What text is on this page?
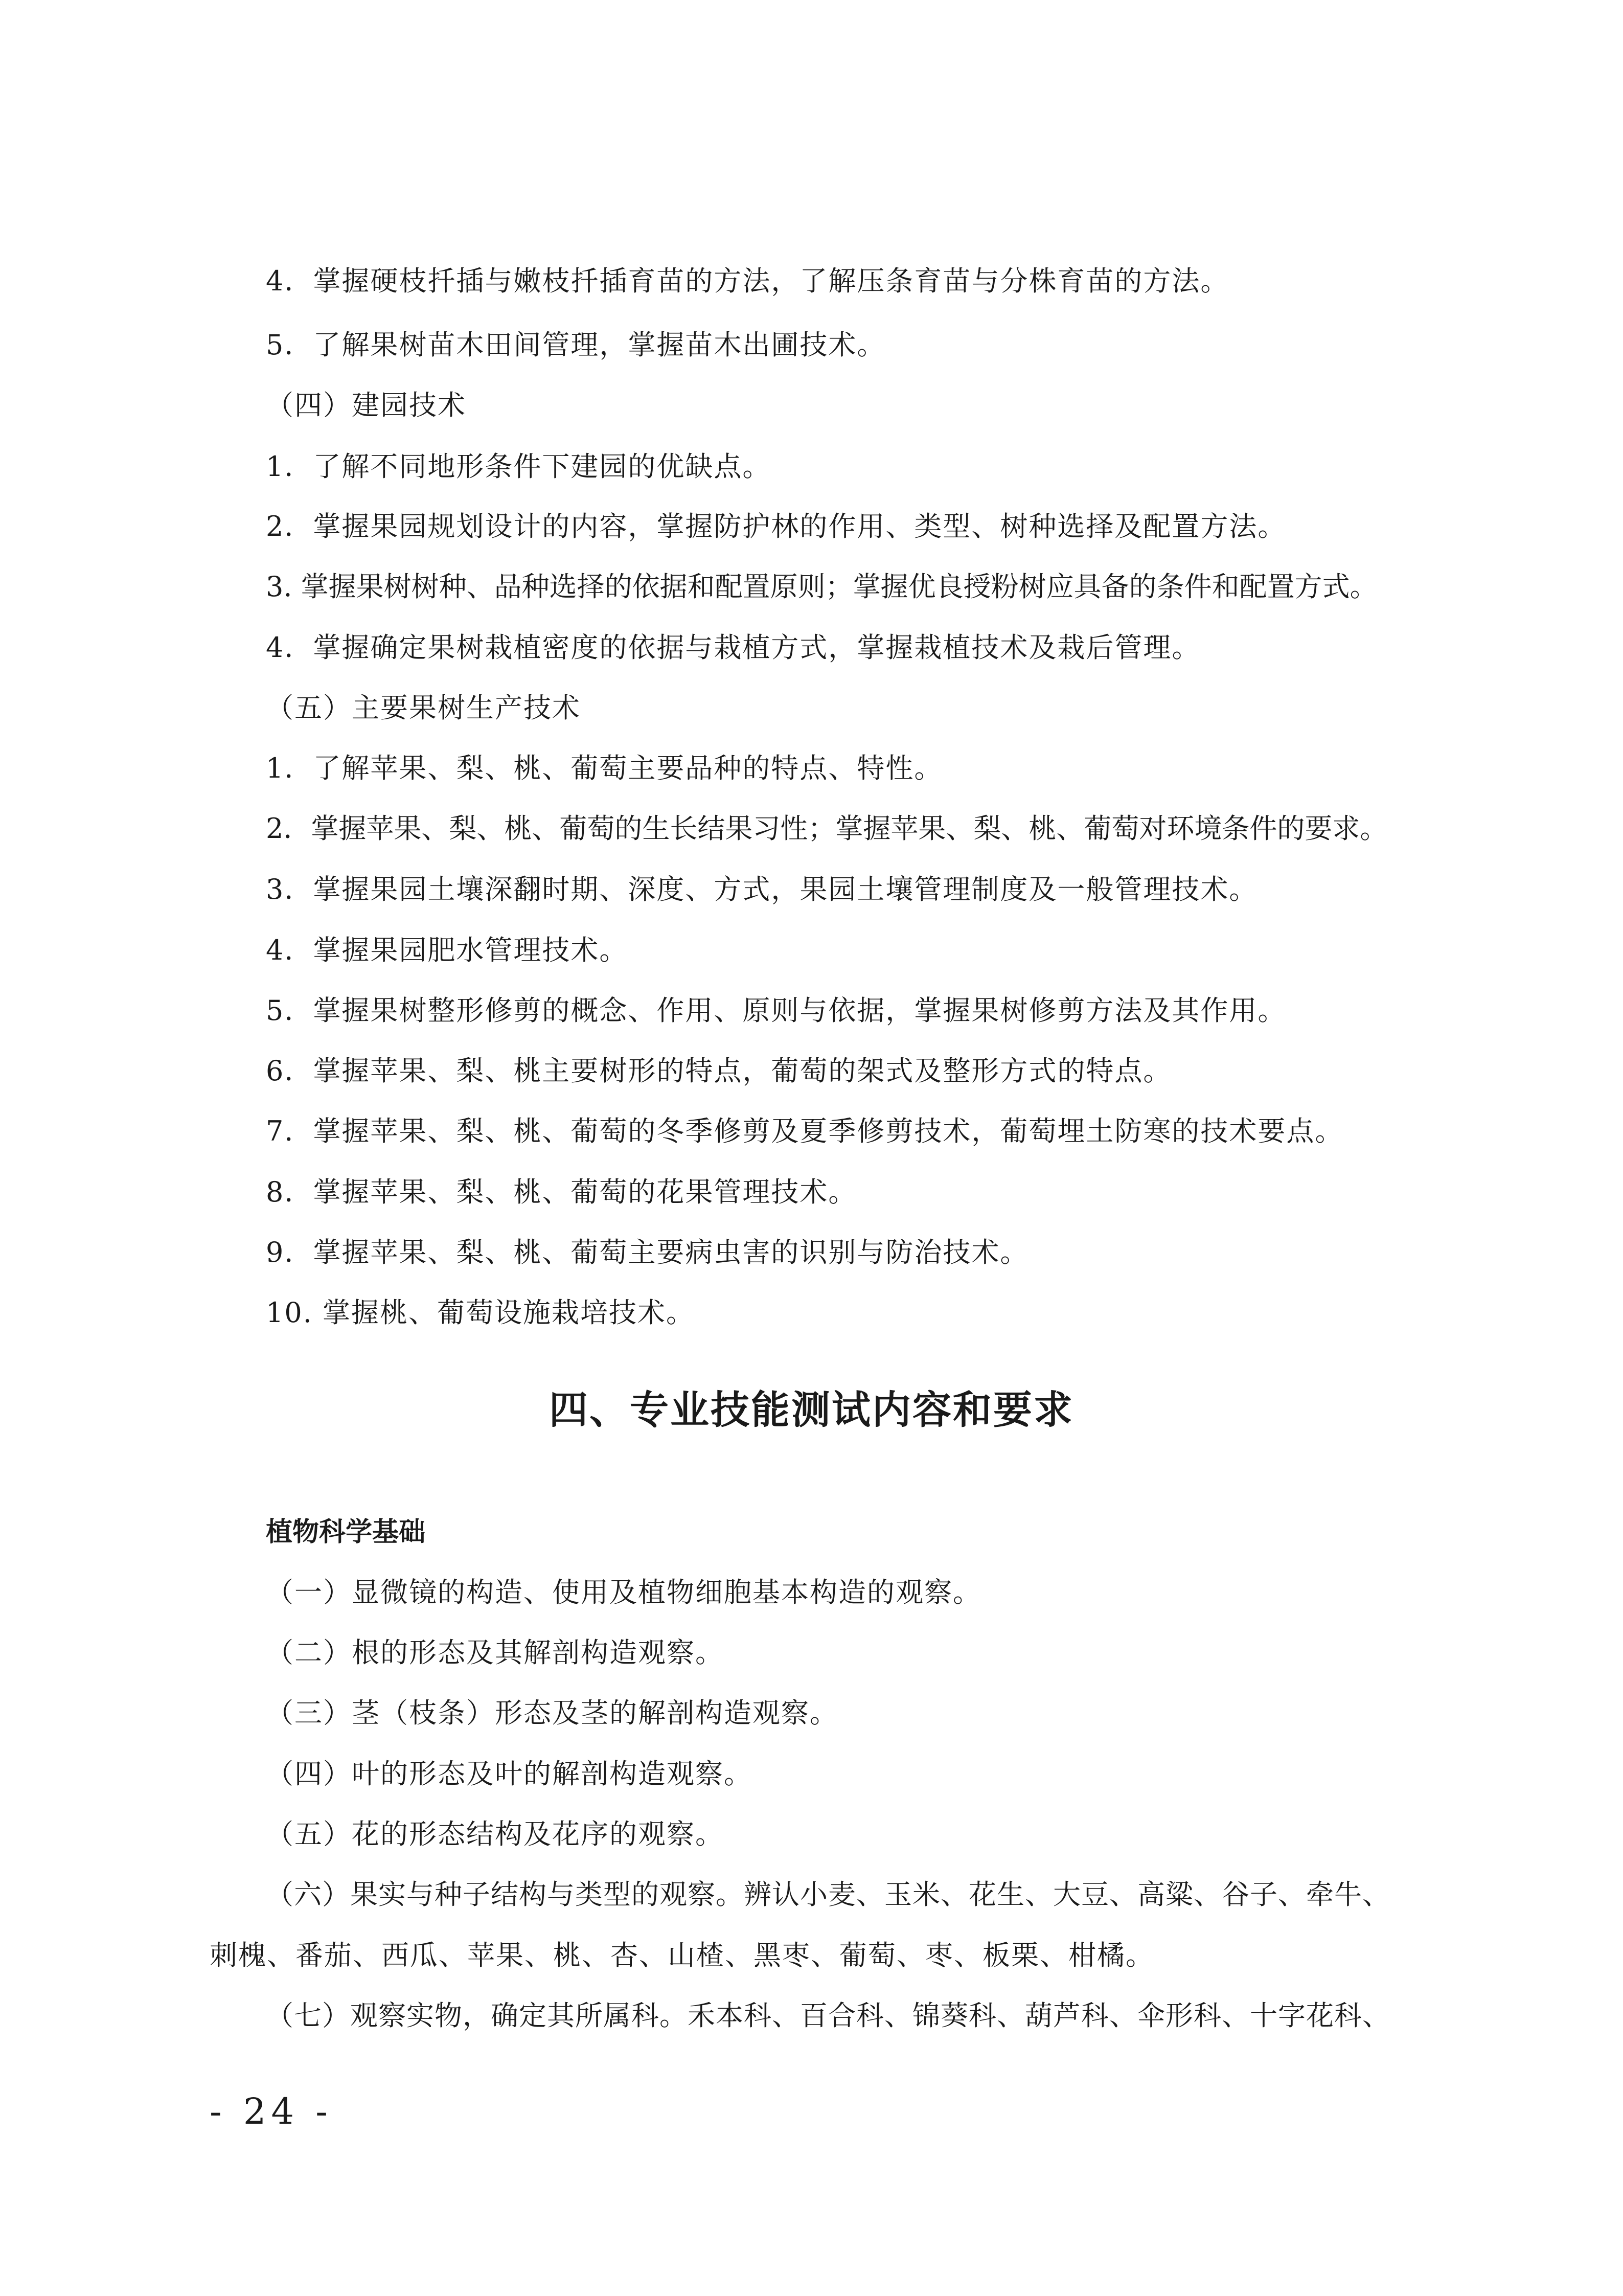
4．掌握硬枝扦插与嫩枝扦插育苗的方法，了解压条育苗与分株育苗的方法。
5．了解果树苗木田间管理，掌握苗木出圃技术。
（四）建园技术
1．了解不同地形条件下建园的优缺点。
2．掌握果园规划设计的内容，掌握防护林的作用、类型、树种选择及配置方法。
3. 掌握果树树种、品种选择的依据和配置原则；掌握优良授粉树应具备的条件和配置方式。
4．掌握确定果树栽植密度的依据与栽植方式，掌握栽植技术及栽后管理。
（五）主要果树生产技术
1．了解苹果、梨、桃、葡萄主要品种的特点、特性。
2．掌握苹果、梨、桃、葡萄的生长结果习性；掌握苹果、梨、桃、葡萄对环境条件的要求。
3．掌握果园土壤深翻时期、深度、方式，果园土壤管理制度及一般管理技术。
4．掌握果园肥水管理技术。
5．掌握果树整形修剪的概念、作用、原则与依据，掌握果树修剪方法及其作用。
6．掌握苹果、梨、桃主要树形的特点，葡萄的架式及整形方式的特点。
7．掌握苹果、梨、桃、葡萄的冬季修剪及夏季修剪技术，葡萄埋土防寒的技术要点。
8．掌握苹果、梨、桃、葡萄的花果管理技术。
9．掌握苹果、梨、桃、葡萄主要病虫害的识别与防治技术。
10. 掌握桃、葡萄设施栽培技术。
四、专业技能测试内容和要求
植物科学基础
（一）显微镜的构造、使用及植物细胞基本构造的观察。
（二）根的形态及其解剖构造观察。
（三）茎（枝条）形态及茎的解剖构造观察。
（四）叶的形态及叶的解剖构造观察。
（五）花的形态结构及花序的观察。
（六）果实与种子结构与类型的观察。辨认小麦、玉米、花生、大豆、高粱、谷子、牵牛、
刺槐、番茄、西瓜、苹果、桃、杏、山楂、黑枣、葡萄、枣、板栗、柑橘。
（七）观察实物，确定其所属科。禾本科、百合科、锦葵科、葫芦科、伞形科、十字花科、
- 24 -
